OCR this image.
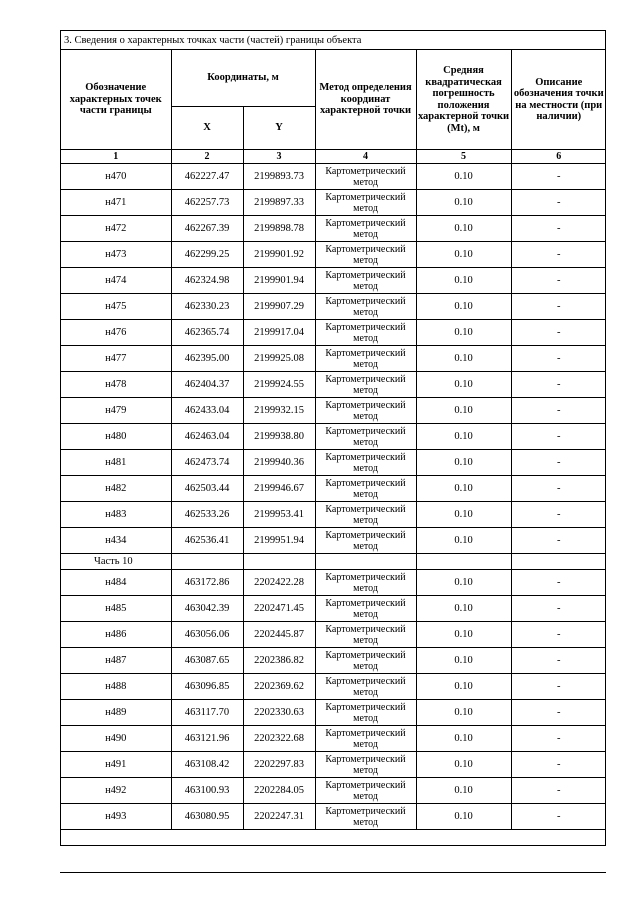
3. Сведения о характерных точках части (частей) границы объекта
Обозначение характерных точек части границы	Координаты, м		Метод определения координат характерной точки	Средняя квадратическая погрешность положения характерной точки (Mt), м	Описание обозначения точки на местности (при наличии)
	X	Y			
1	2	3	4	5	6
н470	462227.47	2199893.73	Картометрический метод	0.10	-
н471	462257.73	2199897.33	Картометрический метод	0.10	-
н472	462267.39	2199898.78	Картометрический метод	0.10	-
н473	462299.25	2199901.92	Картометрический метод	0.10	-
н474	462324.98	2199901.94	Картометрический метод	0.10	-
н475	462330.23	2199907.29	Картометрический метод	0.10	-
н476	462365.74	2199917.04	Картометрический метод	0.10	-
н477	462395.00	2199925.08	Картометрический метод	0.10	-
н478	462404.37	2199924.55	Картометрический метод	0.10	-
н479	462433.04	2199932.15	Картометрический метод	0.10	-
н480	462463.04	2199938.80	Картометрический метод	0.10	-
н481	462473.74	2199940.36	Картометрический метод	0.10	-
н482	462503.44	2199946.67	Картометрический метод	0.10	-
н483	462533.26	2199953.41	Картометрический метод	0.10	-
н434	462536.41	2199951.94	Картометрический метод	0.10	-
Часть 10					
н484	463172.86	2202422.28	Картометрический метод	0.10	-
н485	463042.39	2202471.45	Картометрический метод	0.10	-
н486	463056.06	2202445.87	Картометрический метод	0.10	-
н487	463087.65	2202386.82	Картометрический метод	0.10	-
н488	463096.85	2202369.62	Картометрический метод	0.10	-
н489	463117.70	2202330.63	Картометрический метод	0.10	-
н490	463121.96	2202322.68	Картометрический метод	0.10	-
н491	463108.42	2202297.83	Картометрический метод	0.10	-
н492	463100.93	2202284.05	Картометрический метод	0.10	-
н493	463080.95	2202247.31	Картометрический метод	0.10	-
